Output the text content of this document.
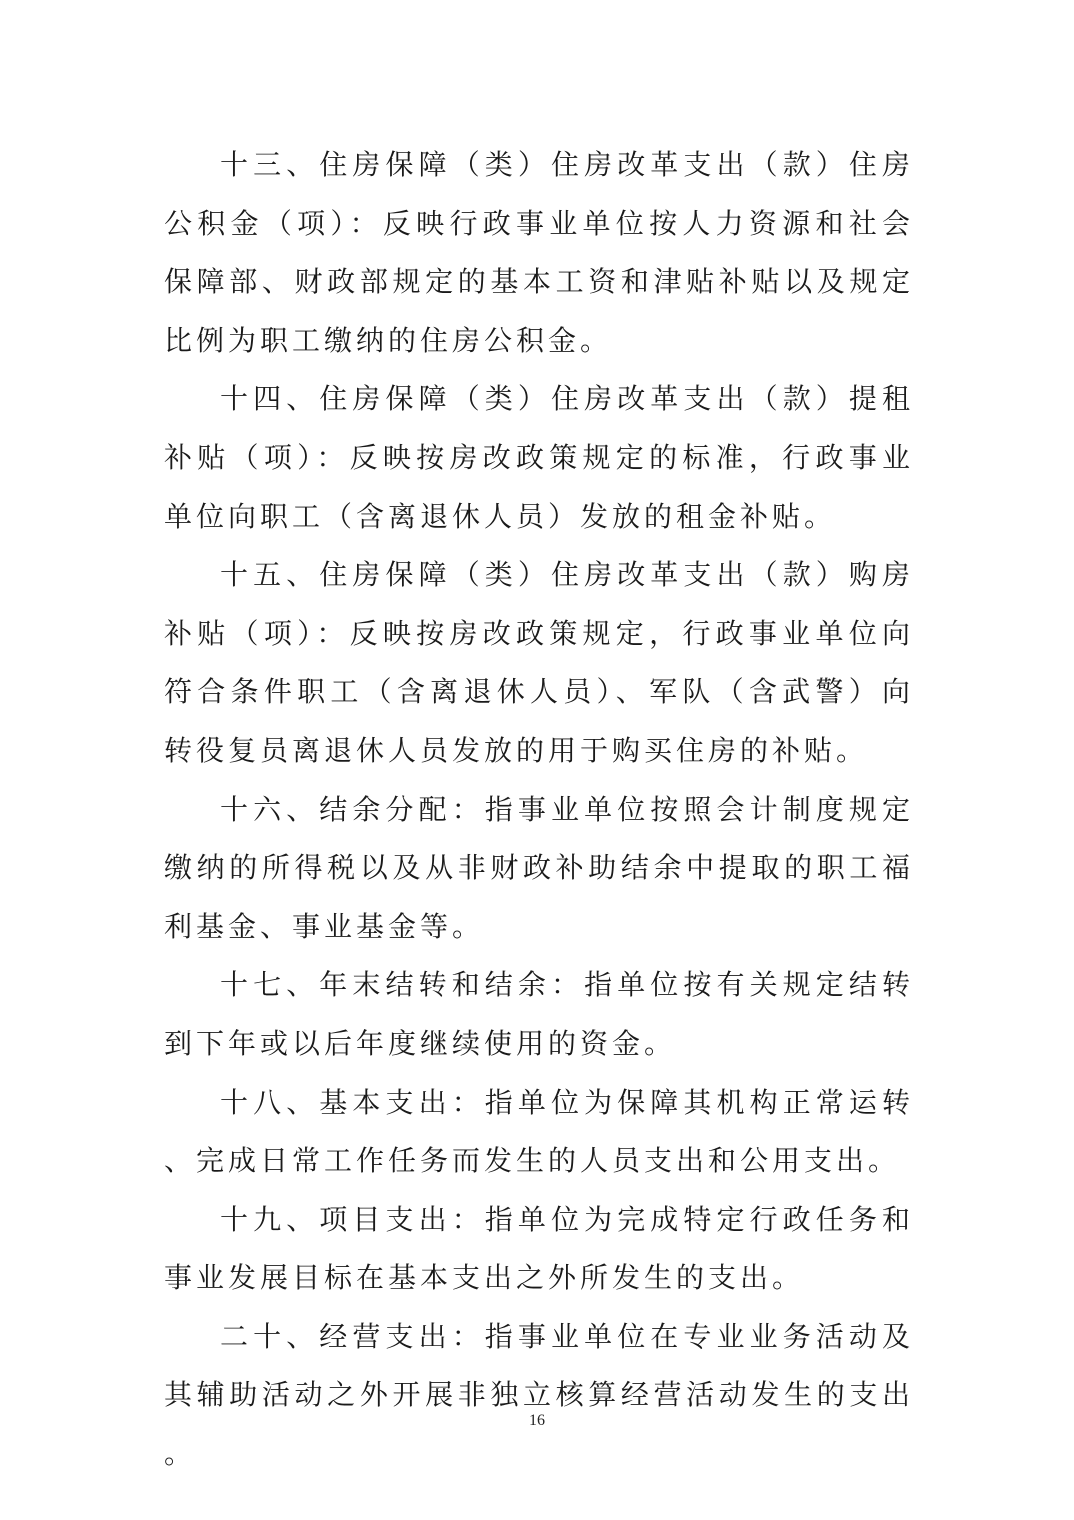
十三、住房保障（类）住房改革支出（款）住房公积金（项）：反映行政事业单位按人力资源和社会保障部、财政部规定的基本工资和津贴补贴以及规定比例为职工缴纳的住房公积金。

十四、住房保障（类）住房改革支出（款）提租补贴（项）：反映按房改政策规定的标准，行政事业单位向职工（含离退休人员）发放的租金补贴。

十五、住房保障（类）住房改革支出（款）购房补贴（项）：反映按房改政策规定，行政事业单位向符合条件职工（含离退休人员）、军队（含武警）向转役复员离退休人员发放的用于购买住房的补贴。

十六、结余分配：指事业单位按照会计制度规定缴纳的所得税以及从非财政补助结余中提取的职工福利基金、事业基金等。

十七、年末结转和结余：指单位按有关规定结转到下年或以后年度继续使用的资金。

十八、基本支出：指单位为保障其机构正常运转、完成日常工作任务而发生的人员支出和公用支出。

十九、项目支出：指单位为完成特定行政任务和事业发展目标在基本支出之外所发生的支出。

二十、经营支出：指事业单位在专业业务活动及其辅助活动之外开展非独立核算经营活动发生的支出。

16
